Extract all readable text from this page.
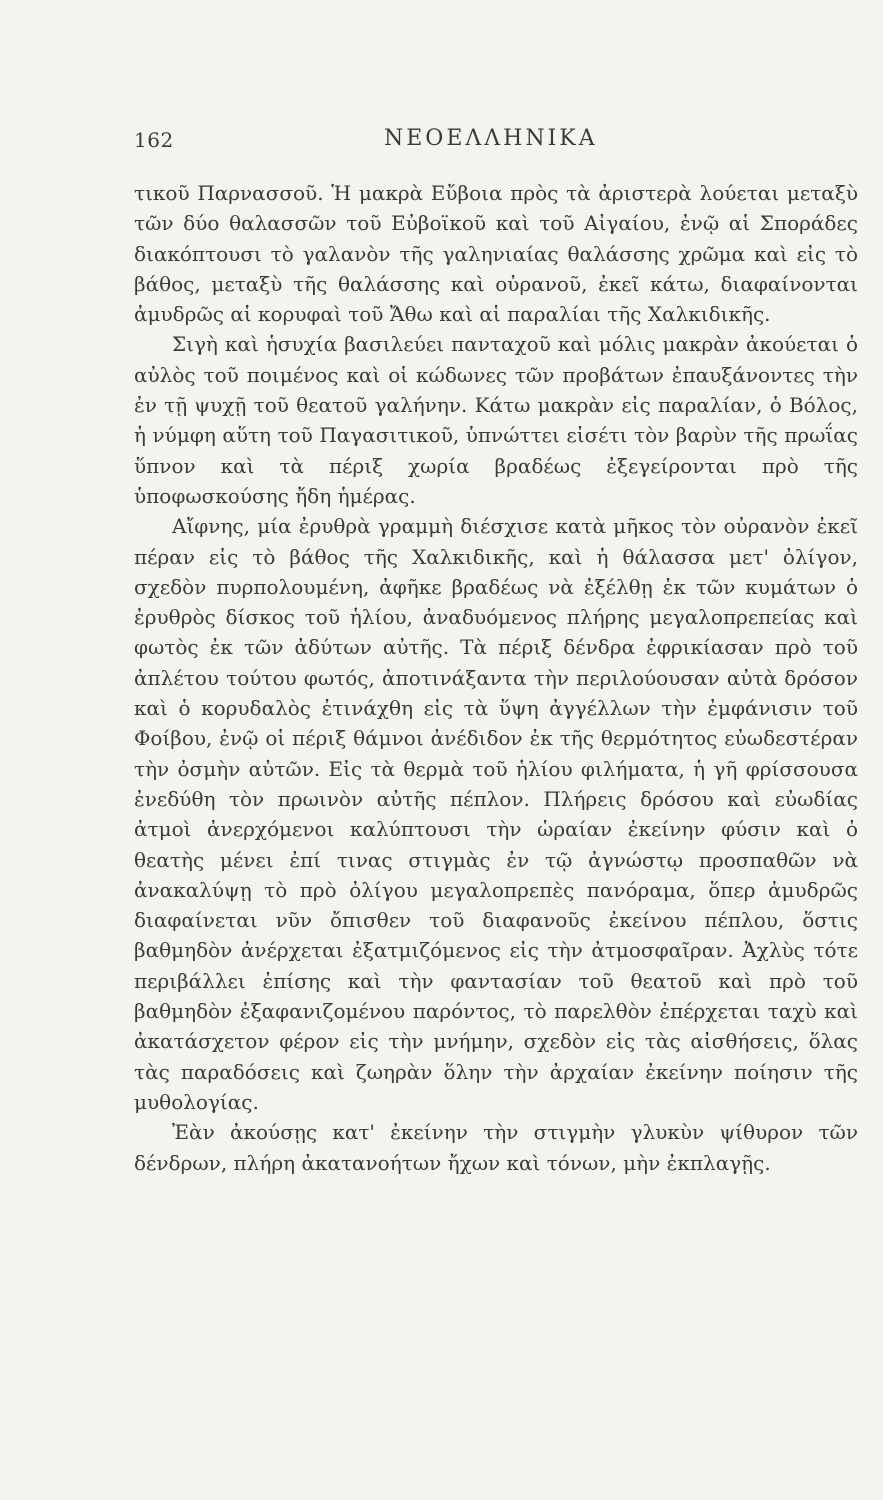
162	ΝΕΟΕΛΛΗΝΙΚΑ

τικοῦ Παρνασσοῦ. Ἡ μακρὰ Εὔβοια πρὸς τὰ ἀριστερὰ λούεται μεταξὺ τῶν δύο θαλασσῶν τοῦ Εὐβοϊκοῦ καὶ τοῦ Αἰγαίου, ἐνῷ αἱ Σποράδες διακόπτουσι τὸ γαλανὸν τῆς γαληνιαίας θαλάσσης χρῶμα καὶ εἰς τὸ βάθος, μεταξὺ τῆς θαλάσσης καὶ οὐρανοῦ, ἐκεῖ κάτω, διαφαίνονται ἀμυδρῶς αἱ κορυφαὶ τοῦ Ἄθω καὶ αἱ παραλίαι τῆς Χαλκιδικῆς.

Σιγὴ καὶ ἡσυχία βασιλεύει πανταχοῦ καὶ μόλις μακρὰν ἀκούεται ὁ αὐλὸς τοῦ ποιμένος καὶ οἱ κώδωνες τῶν προβάτων ἐπαυξάνοντες τὴν ἐν τῇ ψυχῇ τοῦ θεατοῦ γαλήνην. Κάτω μακρὰν εἰς παραλίαν, ὁ Βόλος, ἡ νύμφη αὕτη τοῦ Παγασιτικοῦ, ὑπνώττει εἰσέτι τὸν βαρὺν τῆς πρωΐας ὕπνον καὶ τὰ πέριξ χωρία βραδέως ἐξεγείρονται πρὸ τῆς ὑποφωσκούσης ἤδη ἡμέρας.

Αἴφνης, μία ἐρυθρὰ γραμμὴ διέσχισε κατὰ μῆκος τὸν οὐρανὸν ἐκεῖ πέραν εἰς τὸ βάθος τῆς Χαλκιδικῆς, καὶ ἡ θάλασσα μετ' ὀλίγον, σχεδὸν πυρπολουμένη, ἀφῆκε βραδέως νὰ ἐξέλθῃ ἐκ τῶν κυμάτων ὁ ἐρυθρὸς δίσκος τοῦ ἡλίου, ἀναδυόμενος πλήρης μεγαλοπρεπείας καὶ φωτὸς ἐκ τῶν ἀδύτων αὐτῆς. Τὰ πέριξ δένδρα ἐφρικίασαν πρὸ τοῦ ἀπλέτου τούτου φωτός, ἀποτινάξαντα τὴν περιλούουσαν αὐτὰ δρόσον καὶ ὁ κορυδαλὸς ἐτινάχθη εἰς τὰ ὕψη ἀγγέλλων τὴν ἐμφάνισιν τοῦ Φοίβου, ἐνῷ οἱ πέριξ θάμνοι ἀνέδιδον ἐκ τῆς θερμότητος εὐωδεστέραν τὴν ὀσμὴν αὐτῶν. Εἰς τὰ θερμὰ τοῦ ἡλίου φιλήματα, ἡ γῆ φρίσσουσα ἐνεδύθη τὸν πρωινὸν αὐτῆς πέπλον. Πλήρεις δρόσου καὶ εὐωδίας ἀτμοὶ ἀνερχόμενοι καλύπτουσι τὴν ὡραίαν ἐκείνην φύσιν καὶ ὁ θεατὴς μένει ἐπί τινας στιγμὰς ἐν τῷ ἀγνώστῳ προσπαθῶν νὰ ἀνακαλύψῃ τὸ πρὸ ὀλίγου μεγαλοπρεπὲς πανόραμα, ὅπερ ἀμυδρῶς διαφαίνεται νῦν ὄπισθεν τοῦ διαφανοῦς ἐκείνου πέπλου, ὅστις βαθμηδὸν ἀνέρχεται ἐξατμιζόμενος εἰς τὴν ἀτμοσφαῖραν. Ἀχλὺς τότε περιβάλλει ἐπίσης καὶ τὴν φαντασίαν τοῦ θεατοῦ καὶ πρὸ τοῦ βαθμηδὸν ἐξαφανιζομένου παρόντος, τὸ παρελθὸν ἐπέρχεται ταχὺ καὶ ἀκατάσχετον φέρον εἰς τὴν μνήμην, σχεδὸν εἰς τὰς αἰσθήσεις, ὅλας τὰς παραδόσεις καὶ ζωηρὰν ὅλην τὴν ἀρχαίαν ἐκείνην ποίησιν τῆς μυθολογίας.

Ἐὰν ἀκούσῃς κατ' ἐκείνην τὴν στιγμὴν γλυκὺν ψίθυρον τῶν δένδρων, πλήρη ἀκατανοήτων ἤχων καὶ τόνων, μὴν ἐκπλαγῇς.
